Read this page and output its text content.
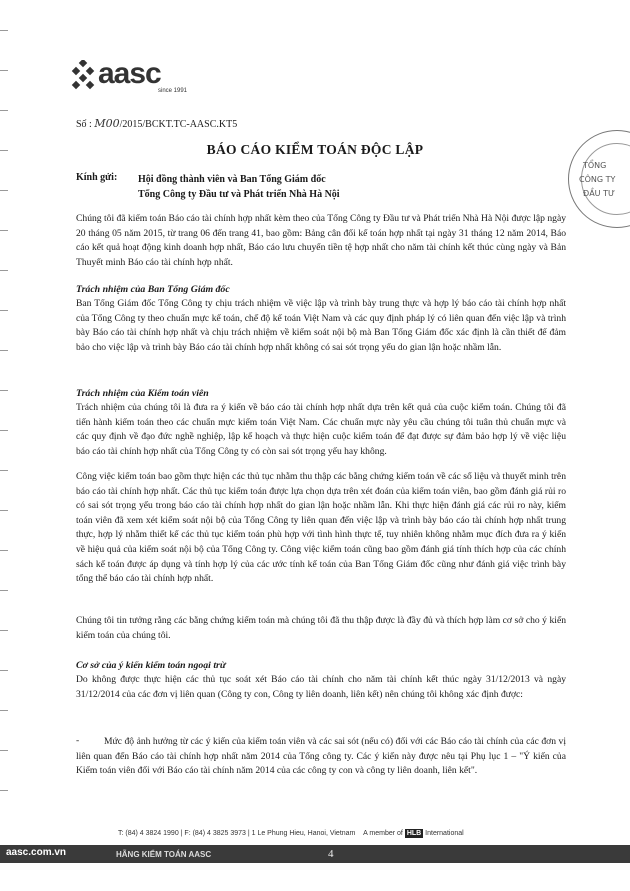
aasc
since 1991
Số : M00/2015/BCKT.TC-AASC.KT5
TỔNG
CÔNG TY
ĐẦU TƯ
BÁO CÁO KIỂM TOÁN ĐỘC LẬP
Kính gửi: Hội đồng thành viên và Ban Tổng Giám đốc
Tổng Công ty Đầu tư và Phát triển Nhà Hà Nội
Chúng tôi đã kiểm toán Báo cáo tài chính hợp nhất kèm theo của Tổng Công ty Đầu tư và Phát triển Nhà Hà Nội được lập ngày 20 tháng 05 năm 2015, từ trang 06 đến trang 41, bao gồm: Bảng cân đối kế toán hợp nhất tại ngày 31 tháng 12 năm 2014, Báo cáo kết quả hoạt động kinh doanh hợp nhất, Báo cáo lưu chuyển tiền tệ hợp nhất cho năm tài chính kết thúc cùng ngày và Bản Thuyết minh Báo cáo tài chính hợp nhất.
Trách nhiệm của Ban Tổng Giám đốc
Ban Tổng Giám đốc Tổng Công ty chịu trách nhiệm về việc lập và trình bày trung thực và hợp lý báo cáo tài chính hợp nhất của Tổng Công ty theo chuẩn mực kế toán, chế độ kế toán Việt Nam và các quy định pháp lý có liên quan đến việc lập và trình bày Báo cáo tài chính hợp nhất và chịu trách nhiệm về kiểm soát nội bộ mà Ban Tổng Giám đốc xác định là cần thiết để đảm bảo cho việc lập và trình bày Báo cáo tài chính hợp nhất không có sai sót trọng yếu do gian lận hoặc nhầm lẫn.
Trách nhiệm của Kiểm toán viên
Trách nhiệm của chúng tôi là đưa ra ý kiến về báo cáo tài chính hợp nhất dựa trên kết quả của cuộc kiểm toán. Chúng tôi đã tiến hành kiểm toán theo các chuẩn mực kiểm toán Việt Nam. Các chuẩn mực này yêu cầu chúng tôi tuân thủ chuẩn mực và các quy định về đạo đức nghề nghiệp, lập kế hoạch và thực hiện cuộc kiểm toán để đạt được sự đảm bảo hợp lý về việc liệu báo cáo tài chính hợp nhất của Tổng Công ty có còn sai sót trọng yếu hay không.
Công việc kiểm toán bao gồm thực hiện các thủ tục nhằm thu thập các bằng chứng kiểm toán về các số liệu và thuyết minh trên báo cáo tài chính hợp nhất. Các thủ tục kiểm toán được lựa chọn dựa trên xét đoán của kiểm toán viên, bao gồm đánh giá rủi ro có sai sót trọng yếu trong báo cáo tài chính hợp nhất do gian lận hoặc nhầm lẫn. Khi thực hiện đánh giá các rủi ro này, kiểm toán viên đã xem xét kiểm soát nội bộ của Tổng Công ty liên quan đến việc lập và trình bày báo cáo tài chính hợp nhất trung thực, hợp lý nhằm thiết kế các thủ tục kiểm toán phù hợp với tình hình thực tế, tuy nhiên không nhằm mục đích đưa ra ý kiến về hiệu quả của kiểm soát nội bộ của Tổng Công ty. Công việc kiểm toán cũng bao gồm đánh giá tính thích hợp của các chính sách kế toán được áp dụng và tính hợp lý của các ước tính kế toán của Ban Tổng Giám đốc cũng như đánh giá việc trình bày tổng thể báo cáo tài chính hợp nhất.
Chúng tôi tin tưởng rằng các bằng chứng kiểm toán mà chúng tôi đã thu thập được là đầy đủ và thích hợp làm cơ sở cho ý kiến kiểm toán của chúng tôi.
Cơ sở của ý kiến kiểm toán ngoại trừ
Do không được thực hiện các thủ tục soát xét Báo cáo tài chính cho năm tài chính kết thúc ngày 31/12/2013 và ngày 31/12/2014 của các đơn vị liên quan (Công ty con, Công ty liên doanh, liên kết) nên chúng tôi không xác định được:
-	Mức độ ảnh hưởng từ các ý kiến của kiểm toán viên và các sai sót (nếu có) đối với các Báo cáo tài chính của các đơn vị liên quan đến Báo cáo tài chính hợp nhất năm 2014 của Tổng công ty. Các ý kiến này được nêu tại Phụ lục 1 – "Ý kiến của Kiểm toán viên đối với Báo cáo tài chính năm 2014 của các công ty con và công ty liên doanh, liên kết".
T: (84) 4 3824 1990 | F: (84) 4 3825 3973 | 1 Le Phung Hieu, Hanoi, Vietnam A member of HLB International
aasc.com.vn	HÃNG KIỂM TOÁN AASC	4
